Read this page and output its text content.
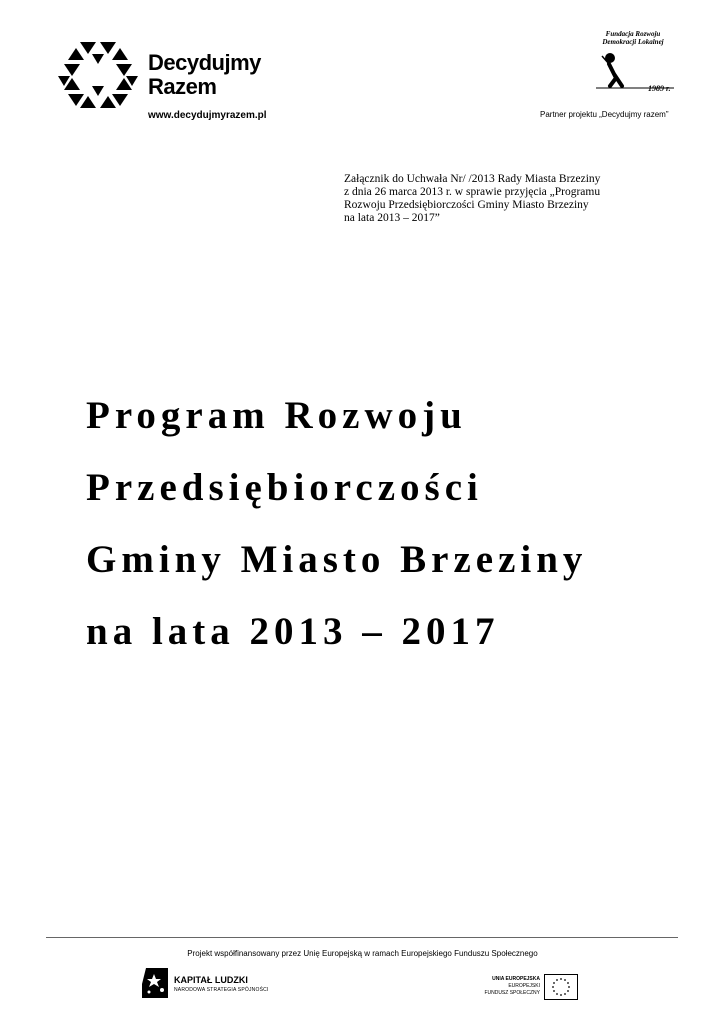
Decydujmy
Razem
www.decydujmyrazem.pl
Fundacja Rozwoju
Demokracji Lokalnej
1989 r.
Partner projektu „Decydujmy razem”
Załącznik do Uchwała Nr/ /2013 Rady Miasta Brzeziny
z dnia 26 marca 2013 r. w sprawie przyjęcia „Programu
Rozwoju Przedsiębiorczości Gminy Miasto Brzeziny
na lata 2013 – 2017”
Program Rozwoju
Przedsiębiorczości
Gminy Miasto Brzeziny
na lata 2013 – 2017
Projekt współfinansowany przez Unię Europejską w ramach Europejskiego Funduszu Społecznego
KAPITAŁ LUDZKI
NARODOWA STRATEGIA SPÓJNOŚCI
UNIA EUROPEJSKA
EUROPEJSKI
FUNDUSZ SPOŁECZNY
